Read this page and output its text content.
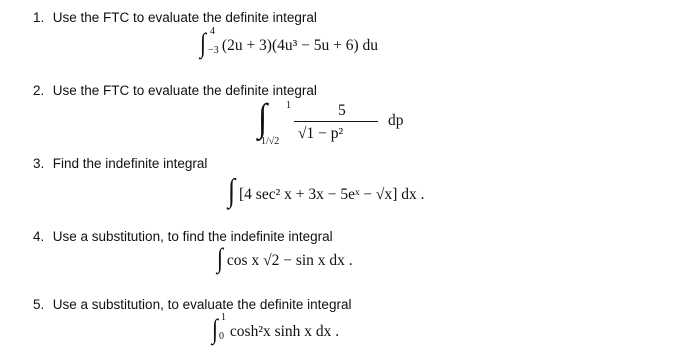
1. Use the FTC to evaluate the definite integral
∫ 4
−3 (2u + 3)(4u³ − 5u + 6) du
2. Use the FTC to evaluate the definite integral
∫ 1
1/√2
5
√1 − p²
dp
3. Find the indefinite integral
∫ [4 sec² x + 3x − 5eˣ − √x] dx .
4. Use a substitution, to find the indefinite integral
∫ cos x √2 − sin x dx .
5. Use a substitution, to evaluate the definite integral
∫ 1
0 cosh²x sinh x dx .
